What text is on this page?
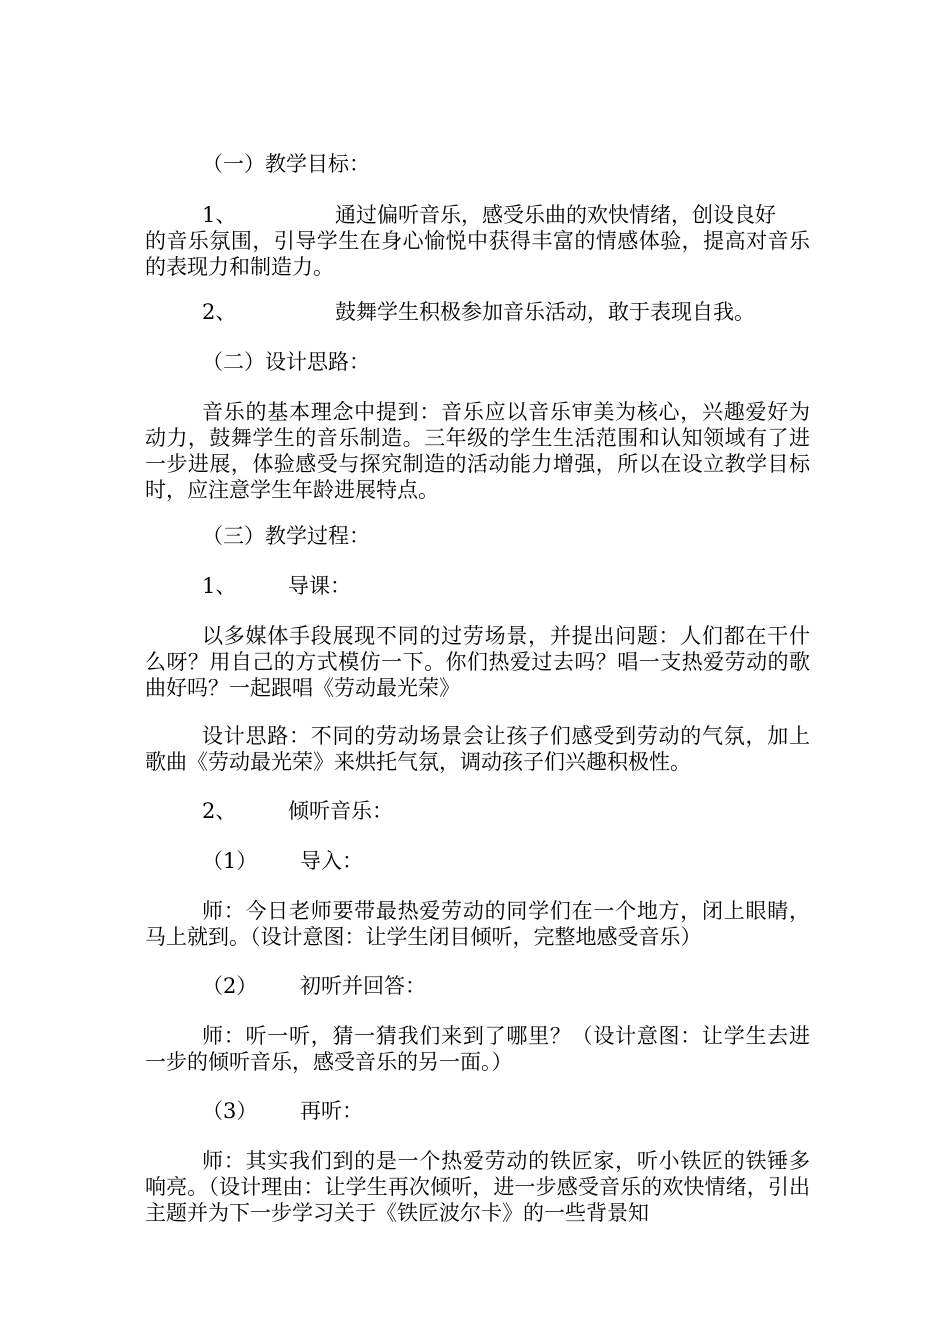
（一）教学目标：
1、	通过偏听音乐，感受乐曲的欢快情绪，创设良好

的音乐氛围，引导学生在身心愉悦中获得丰富的情感体验，提高对音乐的表现力和制造力。

2、	鼓舞学生积极参加音乐活动，敢于表现自我。
（二）设计思路：

音乐的基本理念中提到：音乐应以音乐审美为核心，兴趣爱好为动力，鼓舞学生的音乐制造。三年级的学生生活范围和认知领域有了进一步进展，体验感受与探究制造的活动能力增强，所以在设立教学目标时，应注意学生年龄进展特点。

（三）教学过程：
1、 导课：

以多媒体手段展现不同的过劳场景，并提出问题：人们都在干什么呀？用自己的方式模仿一下。你们热爱过去吗？唱一支热爱劳动的歌曲好吗？一起跟唱《劳动最光荣》

设计思路：不同的劳动场景会让孩子们感受到劳动的气氛，加上歌曲《劳动最光荣》来烘托气氛，调动孩子们兴趣积极性。

2、 倾听音乐：
（1） 导入：

师：今日老师要带最热爱劳动的同学们在一个地方，闭上眼睛，马上就到。（设计意图：让学生闭目倾听，完整地感受音乐）

（2） 初听并回答：

师：听一听，猜一猜我们来到了哪里？（设计意图：让学生去进一步的倾听音乐，感受音乐的另一面。）

（3） 再听：

师：其实我们到的是一个热爱劳动的铁匠家，听小铁匠的铁锤多响亮。（设计理由：让学生再次倾听，进一步感受音乐的欢快情绪，引出主题并为下一步学习关于《铁匠波尔卡》的一些背景知
